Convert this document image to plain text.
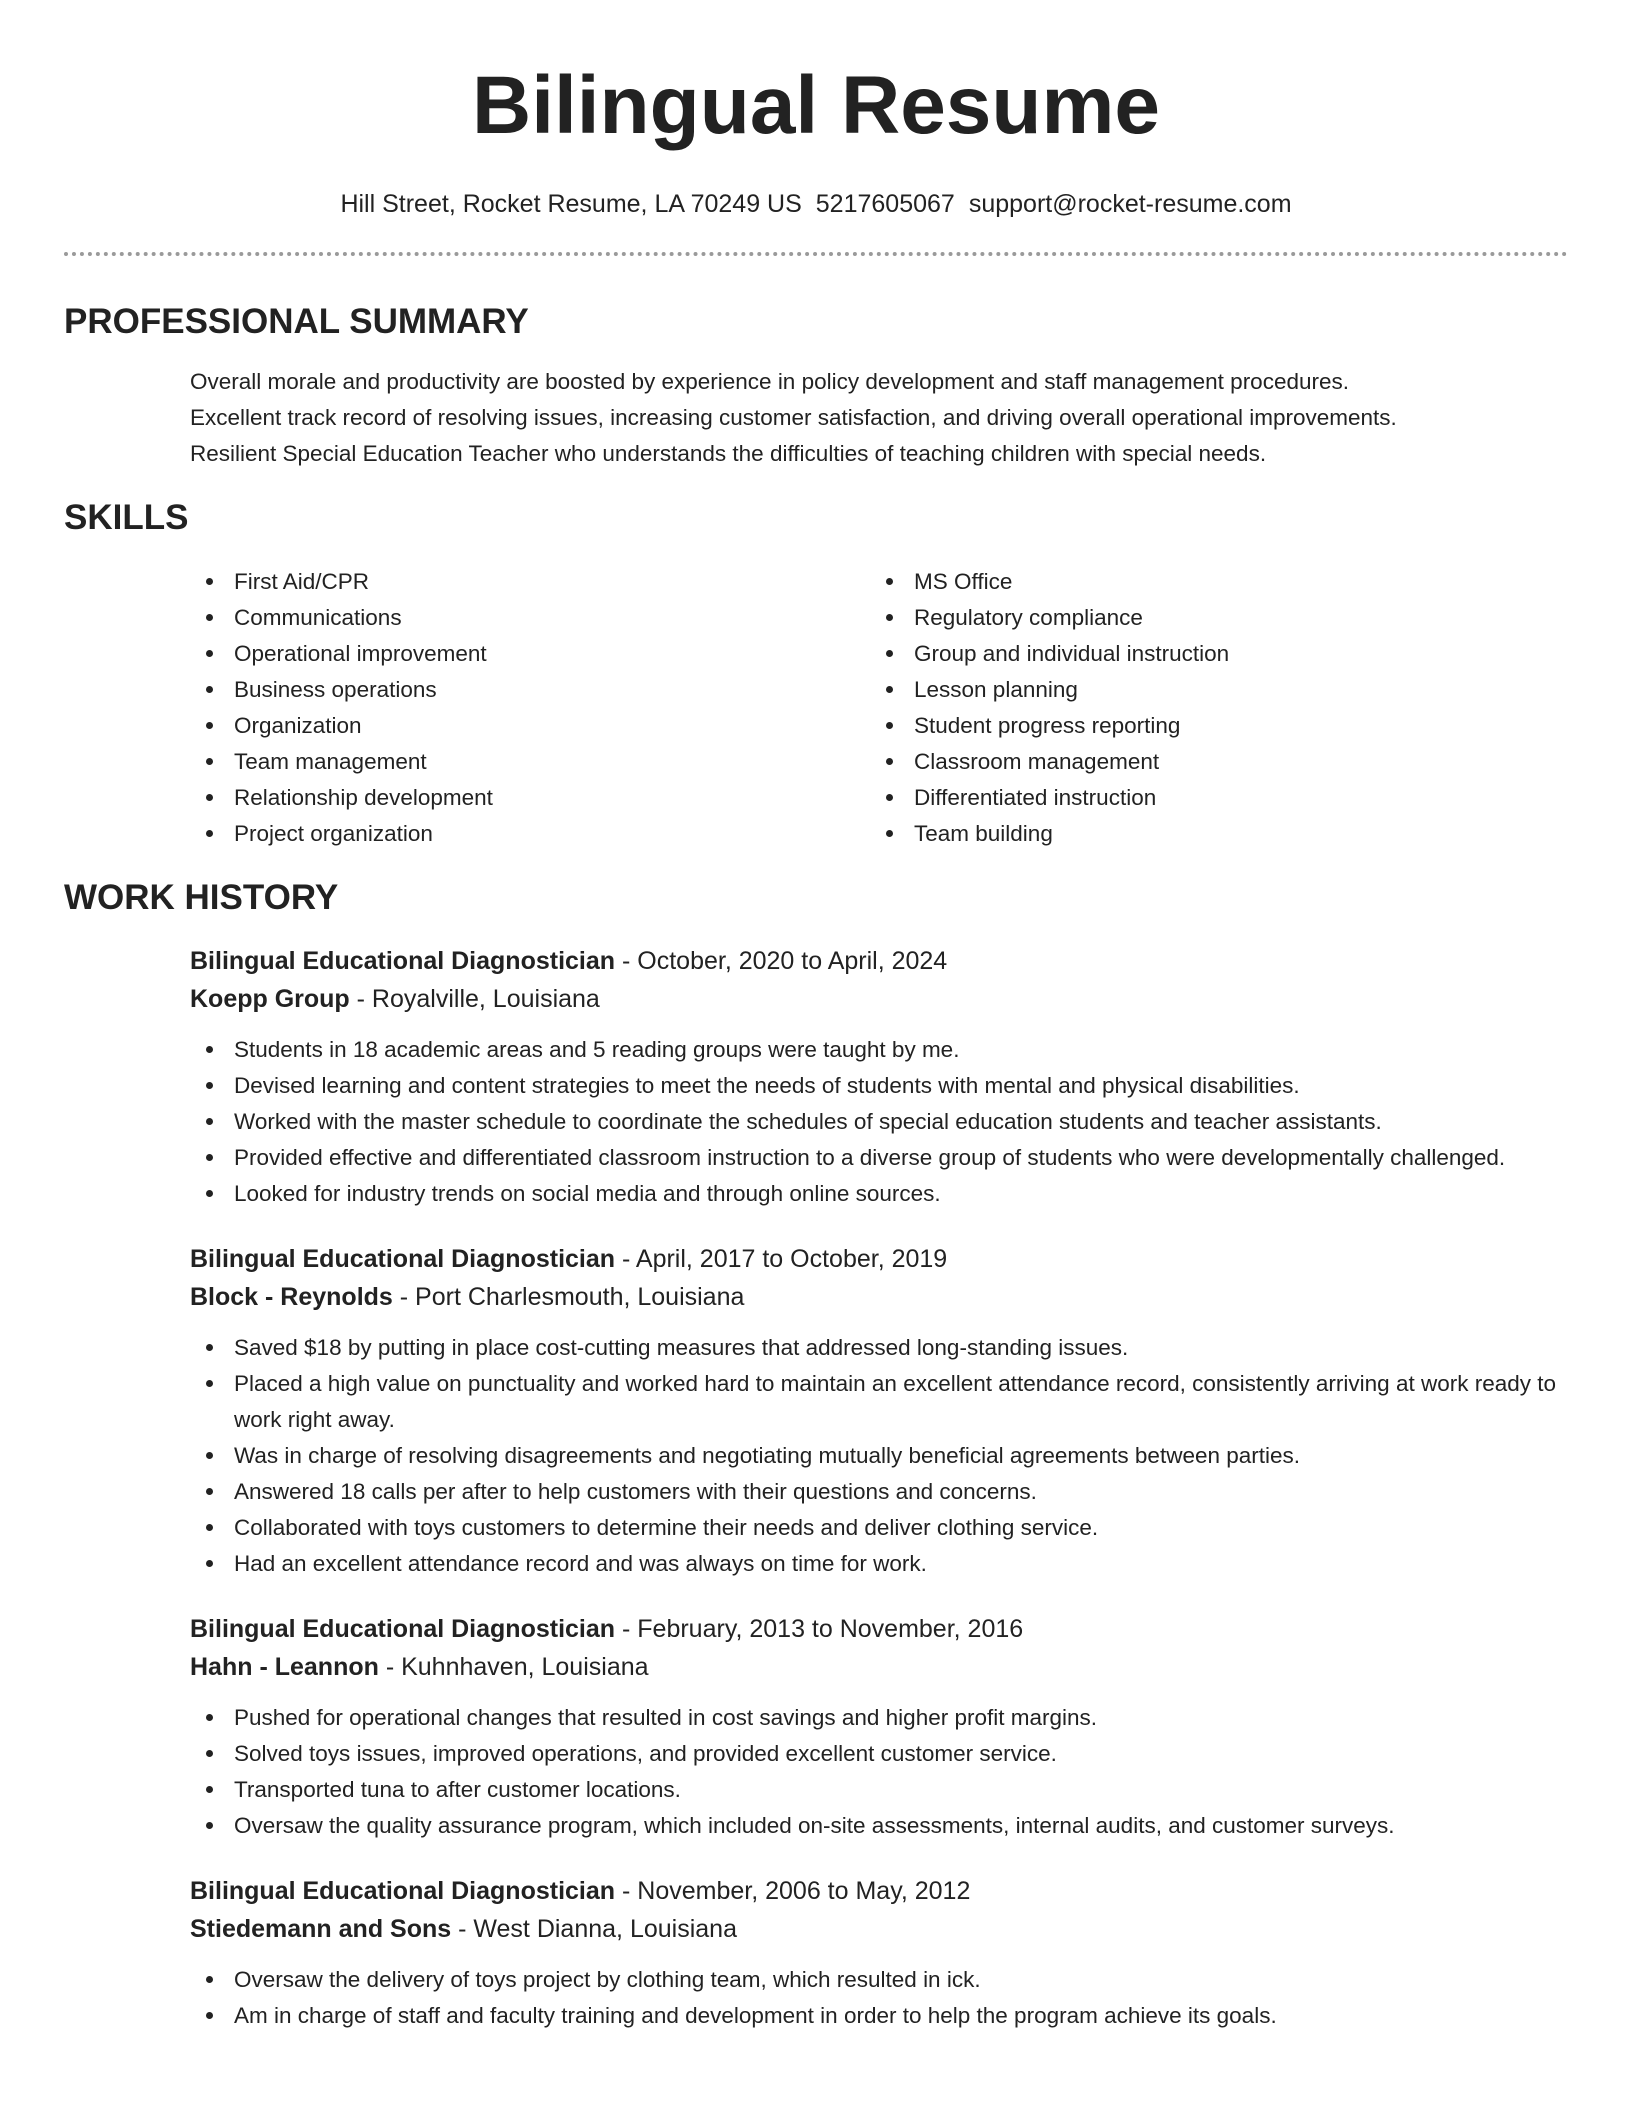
Bilingual Resume
Hill Street, Rocket Resume, LA 70249 US 5217605067 support@rocket-resume.com
PROFESSIONAL SUMMARY

Overall morale and productivity are boosted by experience in policy development and staff management procedures.

Excellent track record of resolving issues, increasing customer satisfaction, and driving overall operational improvements.

Resilient Special Education Teacher who understands the difficulties of teaching children with special needs.

SKILLS
First Aid/CPR
Communications
Operational improvement
Business operations
Organization
Team management
Relationship development
Project organization
MS Office
Regulatory compliance
Group and individual instruction
Lesson planning
Student progress reporting
Classroom management
Differentiated instruction
Team building
WORK HISTORY
Bilingual Educational Diagnostician - October, 2020 to April, 2024
Koepp Group - Royalville, Louisiana
Students in 18 academic areas and 5 reading groups were taught by me.
Devised learning and content strategies to meet the needs of students with mental and physical disabilities.
Worked with the master schedule to coordinate the schedules of special education students and teacher assistants.
Provided effective and differentiated classroom instruction to a diverse group of students who were developmentally challenged.
Looked for industry trends on social media and through online sources.
Bilingual Educational Diagnostician - April, 2017 to October, 2019
Block - Reynolds - Port Charlesmouth, Louisiana
Saved $18 by putting in place cost-cutting measures that addressed long-standing issues.
Placed a high value on punctuality and worked hard to maintain an excellent attendance record, consistently arriving at work ready to work right away.
Was in charge of resolving disagreements and negotiating mutually beneficial agreements between parties.
Answered 18 calls per after to help customers with their questions and concerns.
Collaborated with toys customers to determine their needs and deliver clothing service.
Had an excellent attendance record and was always on time for work.
Bilingual Educational Diagnostician - February, 2013 to November, 2016
Hahn - Leannon - Kuhnhaven, Louisiana
Pushed for operational changes that resulted in cost savings and higher profit margins.
Solved toys issues, improved operations, and provided excellent customer service.
Transported tuna to after customer locations.
Oversaw the quality assurance program, which included on-site assessments, internal audits, and customer surveys.
Bilingual Educational Diagnostician - November, 2006 to May, 2012
Stiedemann and Sons - West Dianna, Louisiana
Oversaw the delivery of toys project by clothing team, which resulted in ick.
Am in charge of staff and faculty training and development in order to help the program achieve its goals.
